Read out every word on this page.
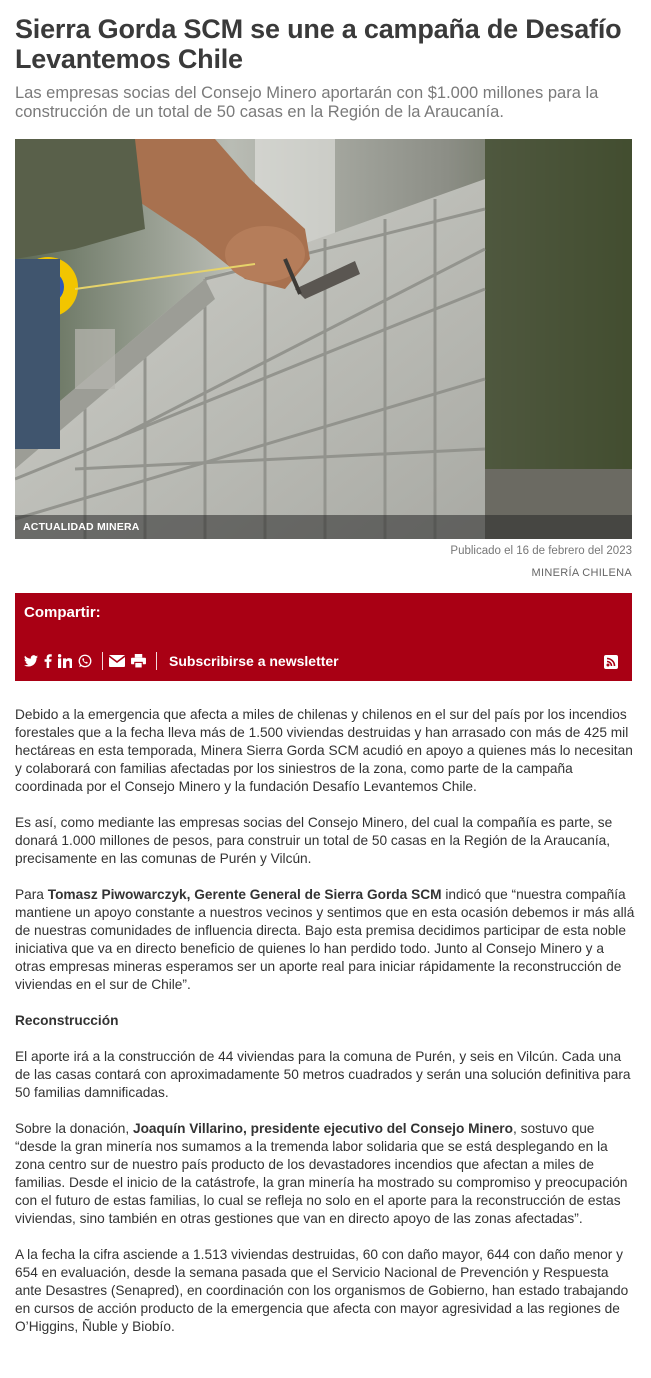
Sierra Gorda SCM se une a campaña de Desafío Levantemos Chile
Las empresas socias del Consejo Minero aportarán con $1.000 millones para la construcción de un total de 50 casas en la Región de la Araucanía.
ACTUALIDAD MINERA
Publicado el 16 de febrero del 2023
MINERÍA CHILENA
Compartir:
Subscribirse a newsletter

Debido a la emergencia que afecta a miles de chilenas y chilenos en el sur del país por los incendios forestales que a la fecha lleva más de 1.500 viviendas destruidas y han arrasado con más de 425 mil hectáreas en esta temporada, Minera Sierra Gorda SCM acudió en apoyo a quienes más lo necesitan y colaborará con familias afectadas por los siniestros de la zona, como parte de la campaña coordinada por el Consejo Minero y la fundación Desafío Levantemos Chile.

Es así, como mediante las empresas socias del Consejo Minero, del cual la compañía es parte, se donará 1.000 millones de pesos, para construir un total de 50 casas en la Región de la Araucanía, precisamente en las comunas de Purén y Vilcún.

Para Tomasz Piwowarczyk, Gerente General de Sierra Gorda SCM indicó que “nuestra compañía mantiene un apoyo constante a nuestros vecinos y sentimos que en esta ocasión debemos ir más allá de nuestras comunidades de influencia directa. Bajo esta premisa decidimos participar de esta noble iniciativa que va en directo beneficio de quienes lo han perdido todo. Junto al Consejo Minero y a otras empresas mineras esperamos ser un aporte real para iniciar rápidamente la reconstrucción de viviendas en el sur de Chile”.

Reconstrucción

El aporte irá a la construcción de 44 viviendas para la comuna de Purén, y seis en Vilcún. Cada una de las casas contará con aproximadamente 50 metros cuadrados y serán una solución definitiva para 50 familias damnificadas.

Sobre la donación, Joaquín Villarino, presidente ejecutivo del Consejo Minero, sostuvo que “desde la gran minería nos sumamos a la tremenda labor solidaria que se está desplegando en la zona centro sur de nuestro país producto de los devastadores incendios que afectan a miles de familias. Desde el inicio de la catástrofe, la gran minería ha mostrado su compromiso y preocupación con el futuro de estas familias, lo cual se refleja no solo en el aporte para la reconstrucción de estas viviendas, sino también en otras gestiones que van en directo apoyo de las zonas afectadas”.

A la fecha la cifra asciende a 1.513 viviendas destruidas, 60 con daño mayor, 644 con daño menor y 654 en evaluación, desde la semana pasada que el Servicio Nacional de Prevención y Respuesta ante Desastres (Senapred), en coordinación con los organismos de Gobierno, han estado trabajando en cursos de acción producto de la emergencia que afecta con mayor agresividad a las regiones de O’Higgins, Ñuble y Biobío.
